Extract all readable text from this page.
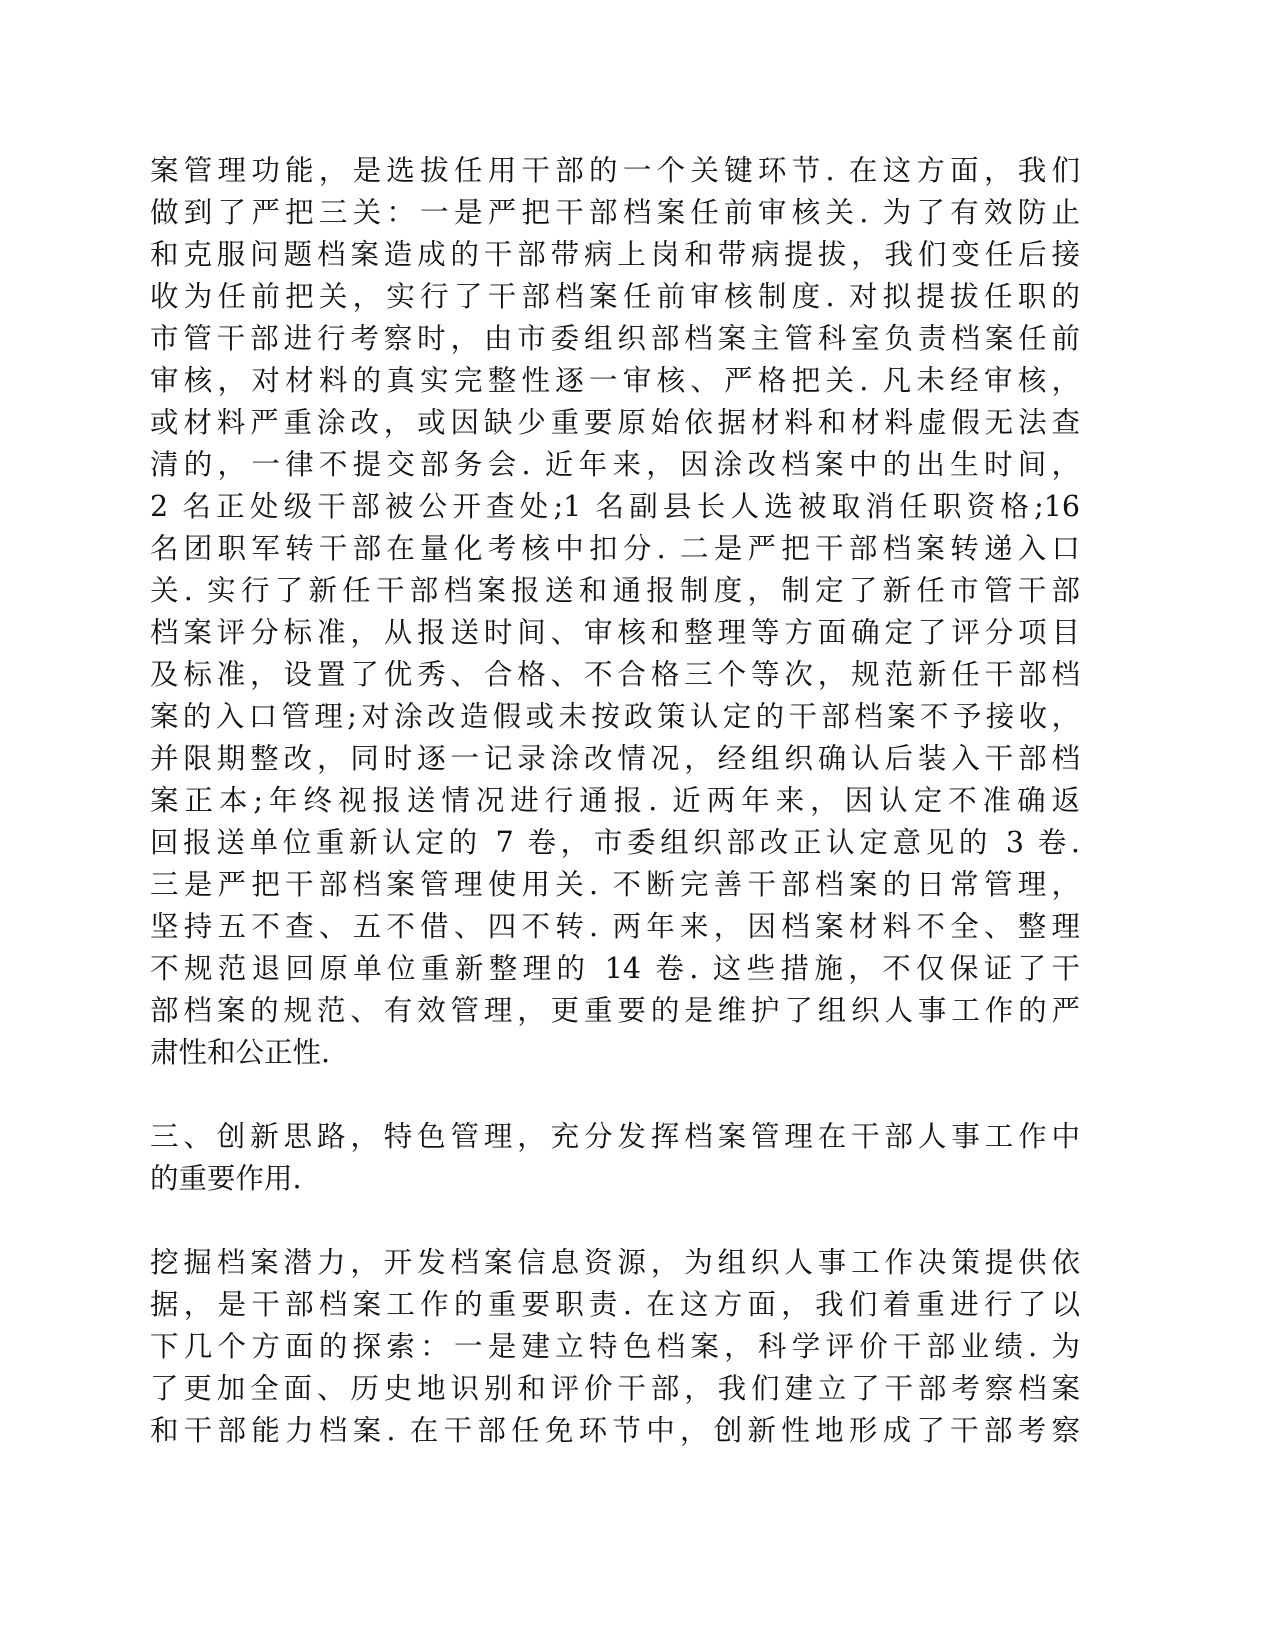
案管理功能，是选拔任用干部的一个关键环节. 在这方面，我们
做到了严把三关：一是严把干部档案任前审核关. 为了有效防止
和克服问题档案造成的干部带病上岗和带病提拔，我们变任后接
收为任前把关，实行了干部档案任前审核制度. 对拟提拔任职的
市管干部进行考察时，由市委组织部档案主管科室负责档案任前
审核，对材料的真实完整性逐一审核、严格把关. 凡未经审核，
或材料严重涂改，或因缺少重要原始依据材料和材料虚假无法查
清的，一律不提交部务会. 近年来，因涂改档案中的出生时间，
2 名正处级干部被公开查处;1 名副县长人选被取消任职资格;16
名团职军转干部在量化考核中扣分. 二是严把干部档案转递入口
关. 实行了新任干部档案报送和通报制度，制定了新任市管干部
档案评分标准，从报送时间、审核和整理等方面确定了评分项目
及标准，设置了优秀、合格、不合格三个等次，规范新任干部档
案的入口管理;对涂改造假或未按政策认定的干部档案不予接收，
并限期整改，同时逐一记录涂改情况，经组织确认后装入干部档
案正本;年终视报送情况进行通报. 近两年来，因认定不准确返
回报送单位重新认定的 7 卷，市委组织部改正认定意见的 3 卷.
三是严把干部档案管理使用关. 不断完善干部档案的日常管理，
坚持五不查、五不借、四不转. 两年来，因档案材料不全、整理
不规范退回原单位重新整理的 14 卷. 这些措施，不仅保证了干
部档案的规范、有效管理，更重要的是维护了组织人事工作的严
肃性和公正性.
三、创新思路，特色管理，充分发挥档案管理在干部人事工作中
的重要作用.
挖掘档案潜力，开发档案信息资源，为组织人事工作决策提供依
据，是干部档案工作的重要职责. 在这方面，我们着重进行了以
下几个方面的探索：一是建立特色档案，科学评价干部业绩. 为
了更加全面、历史地识别和评价干部，我们建立了干部考察档案
和干部能力档案. 在干部任免环节中，创新性地形成了干部考察
